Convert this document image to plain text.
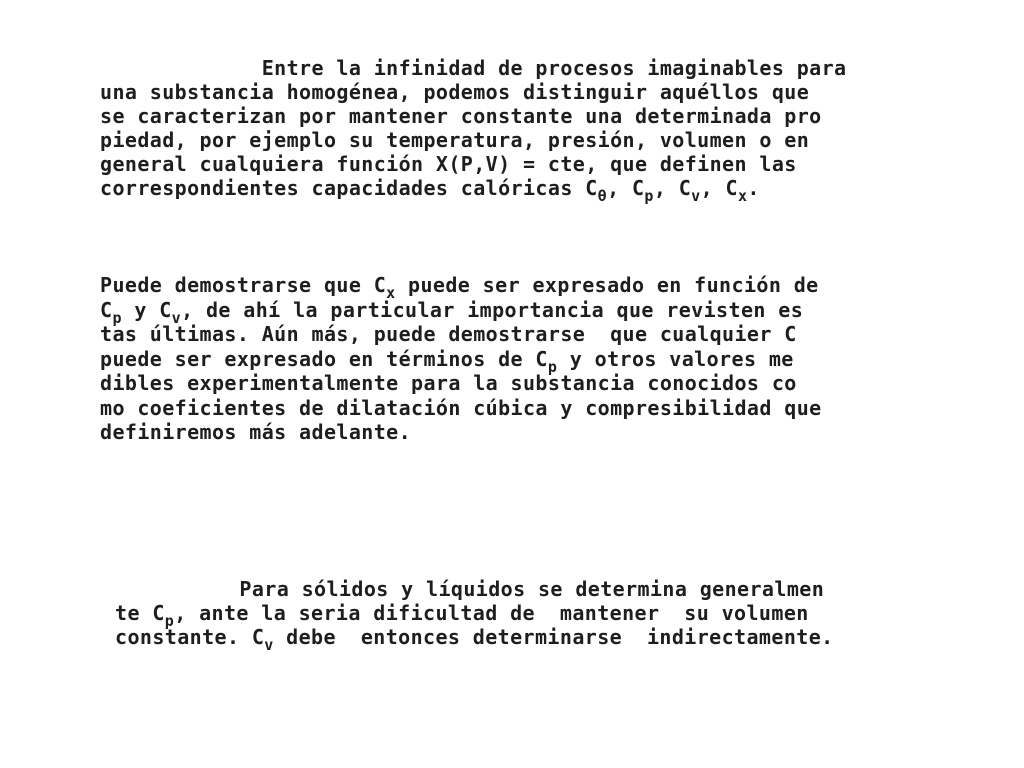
Entre la infinidad de procesos imaginables para
una substancia homogénea, podemos distinguir aquéllos que
se caracterizan por mantener constante una determinada pro
piedad, por ejemplo su temperatura, presión, volumen o en
general cualquiera función X(P,V) = cte, que definen las
correspondientes capacidades calóricas $C_\theta$, $C_p$, $C_v$, $C_x$.
Puede demostrarse que $C_x$ puede ser expresado en función de
$C_p$ y $C_v$, de ahí la particular importancia que revisten es
tas últimas. Aún más, puede demostrarse  que cualquier C
puede ser expresado en términos de $C_p$ y otros valores me
dibles experimentalmente para la substancia conocidos co
mo coeficientes de dilatación cúbica y compresibilidad que
definiremos más adelante.
Para sólidos y líquidos se determina generalmen
te $C_p$, ante la seria dificultad de  mantener  su volumen
constante. $C_v$ debe  entonces determinarse  indirectamente.
